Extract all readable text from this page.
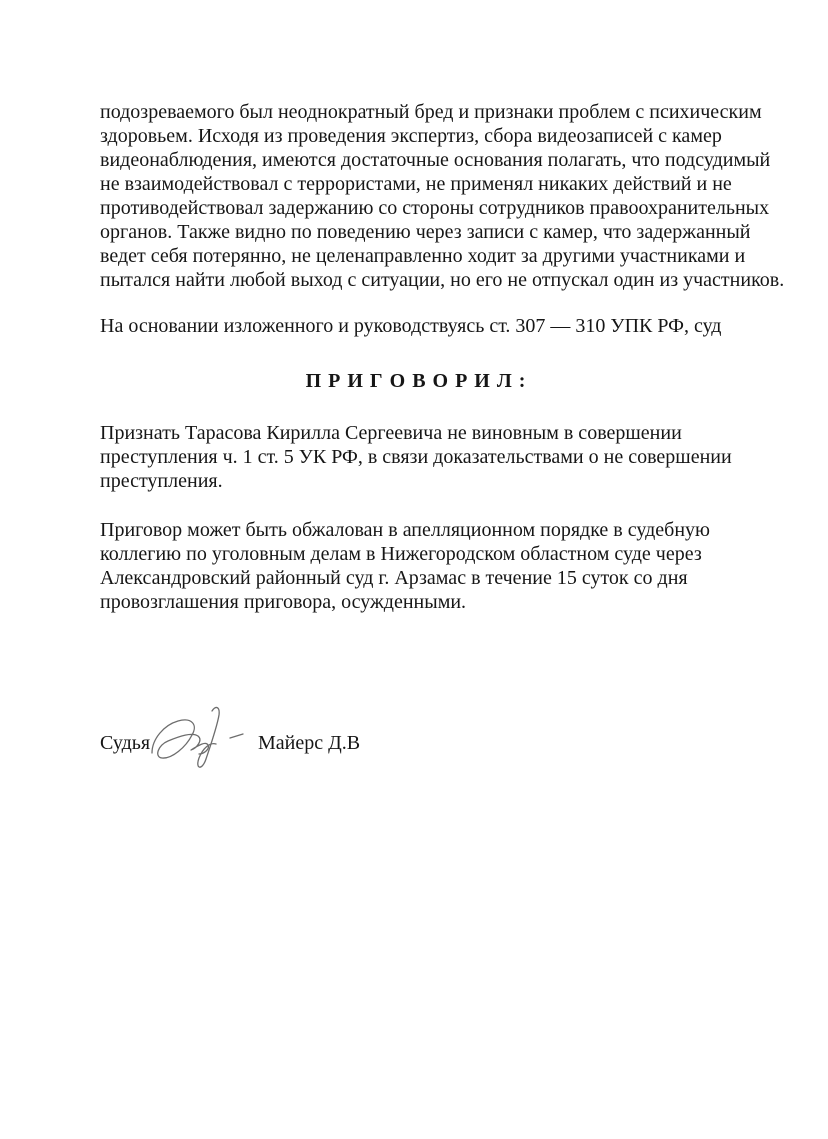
подозреваемого был неоднократный бред и признаки проблем с психическим
здоровьем. Исходя из проведения экспертиз, сбора видеозаписей с камер
видеонаблюдения, имеются достаточные основания полагать, что подсудимый
не взаимодействовал с террористами, не применял никаких действий и не
противодействовал задержанию со стороны сотрудников правоохранительных
органов. Также видно по поведению через записи с камер, что задержанный
ведет себя потерянно, не целенаправленно ходит за другими участниками и
пытался найти любой выход с ситуации, но его не отпускал один из участников.

На основании изложенного и руководствуясь ст. 307 — 310 УПК РФ, суд

П Р И Г О В О Р И Л :

Признать Тарасова Кирилла Сергеевича не виновным в совершении
преступления ч. 1 ст. 5 УК РФ, в связи доказательствами о не совершении
преступления.

Приговор может быть обжалован в апелляционном порядке в судебную
коллегию по уголовным делам в Нижегородском областном суде через
Александровский районный суд г. Арзамас в течение 15 суток со дня
провозглашения приговора, осужденными.

Судья	Майерс Д.В
